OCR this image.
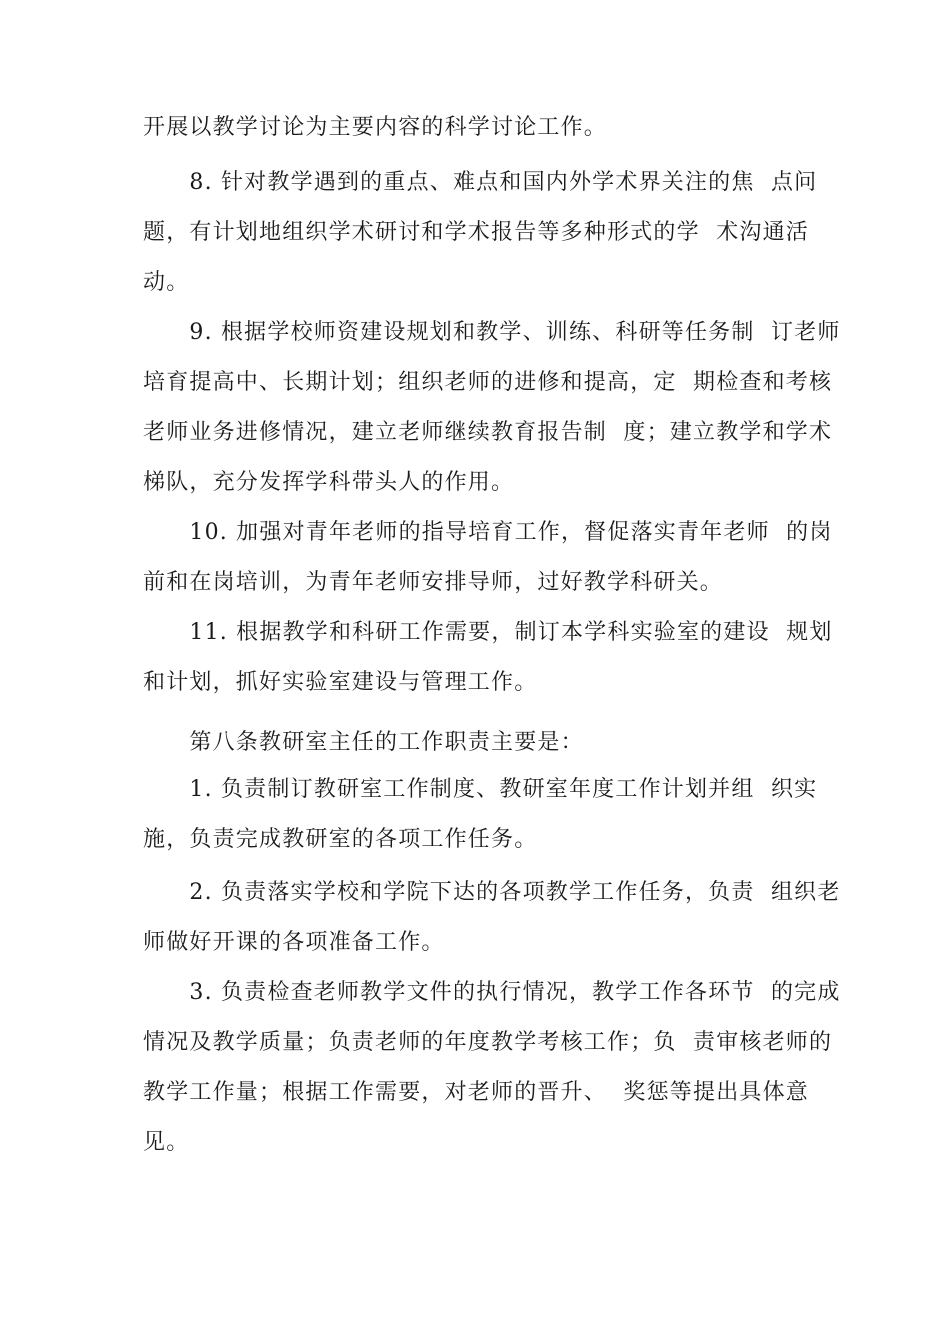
开展以教学讨论为主要内容的科学讨论工作。

　　8. 针对教学遇到的重点、难点和国内外学术界关注的焦  点问题，有计划地组织学术研讨和学术报告等多种形式的学  术沟通活动。

　　9. 根据学校师资建设规划和教学、训练、科研等任务制  订老师培育提高中、长期计划；组织老师的进修和提高，定  期检查和考核老师业务进修情况，建立老师继续教育报告制  度；建立教学和学术梯队，充分发挥学科带头人的作用。

　　10. 加强对青年老师的指导培育工作，督促落实青年老师  的岗前和在岗培训，为青年老师安排导师，过好教学科研关。

　　11. 根据教学和科研工作需要，制订本学科实验室的建设  规划和计划，抓好实验室建设与管理工作。

　　第八条教研室主任的工作职责主要是：

　　1. 负责制订教研室工作制度、教研室年度工作计划并组  织实施，负责完成教研室的各项工作任务。

　　2. 负责落实学校和学院下达的各项教学工作任务，负责  组织老师做好开课的各项准备工作。

　　3. 负责检查老师教学文件的执行情况，教学工作各环节  的完成情况及教学质量；负责老师的年度教学考核工作；负  责审核老师的教学工作量；根据工作需要，对老师的晋升、  奖惩等提出具体意见。
